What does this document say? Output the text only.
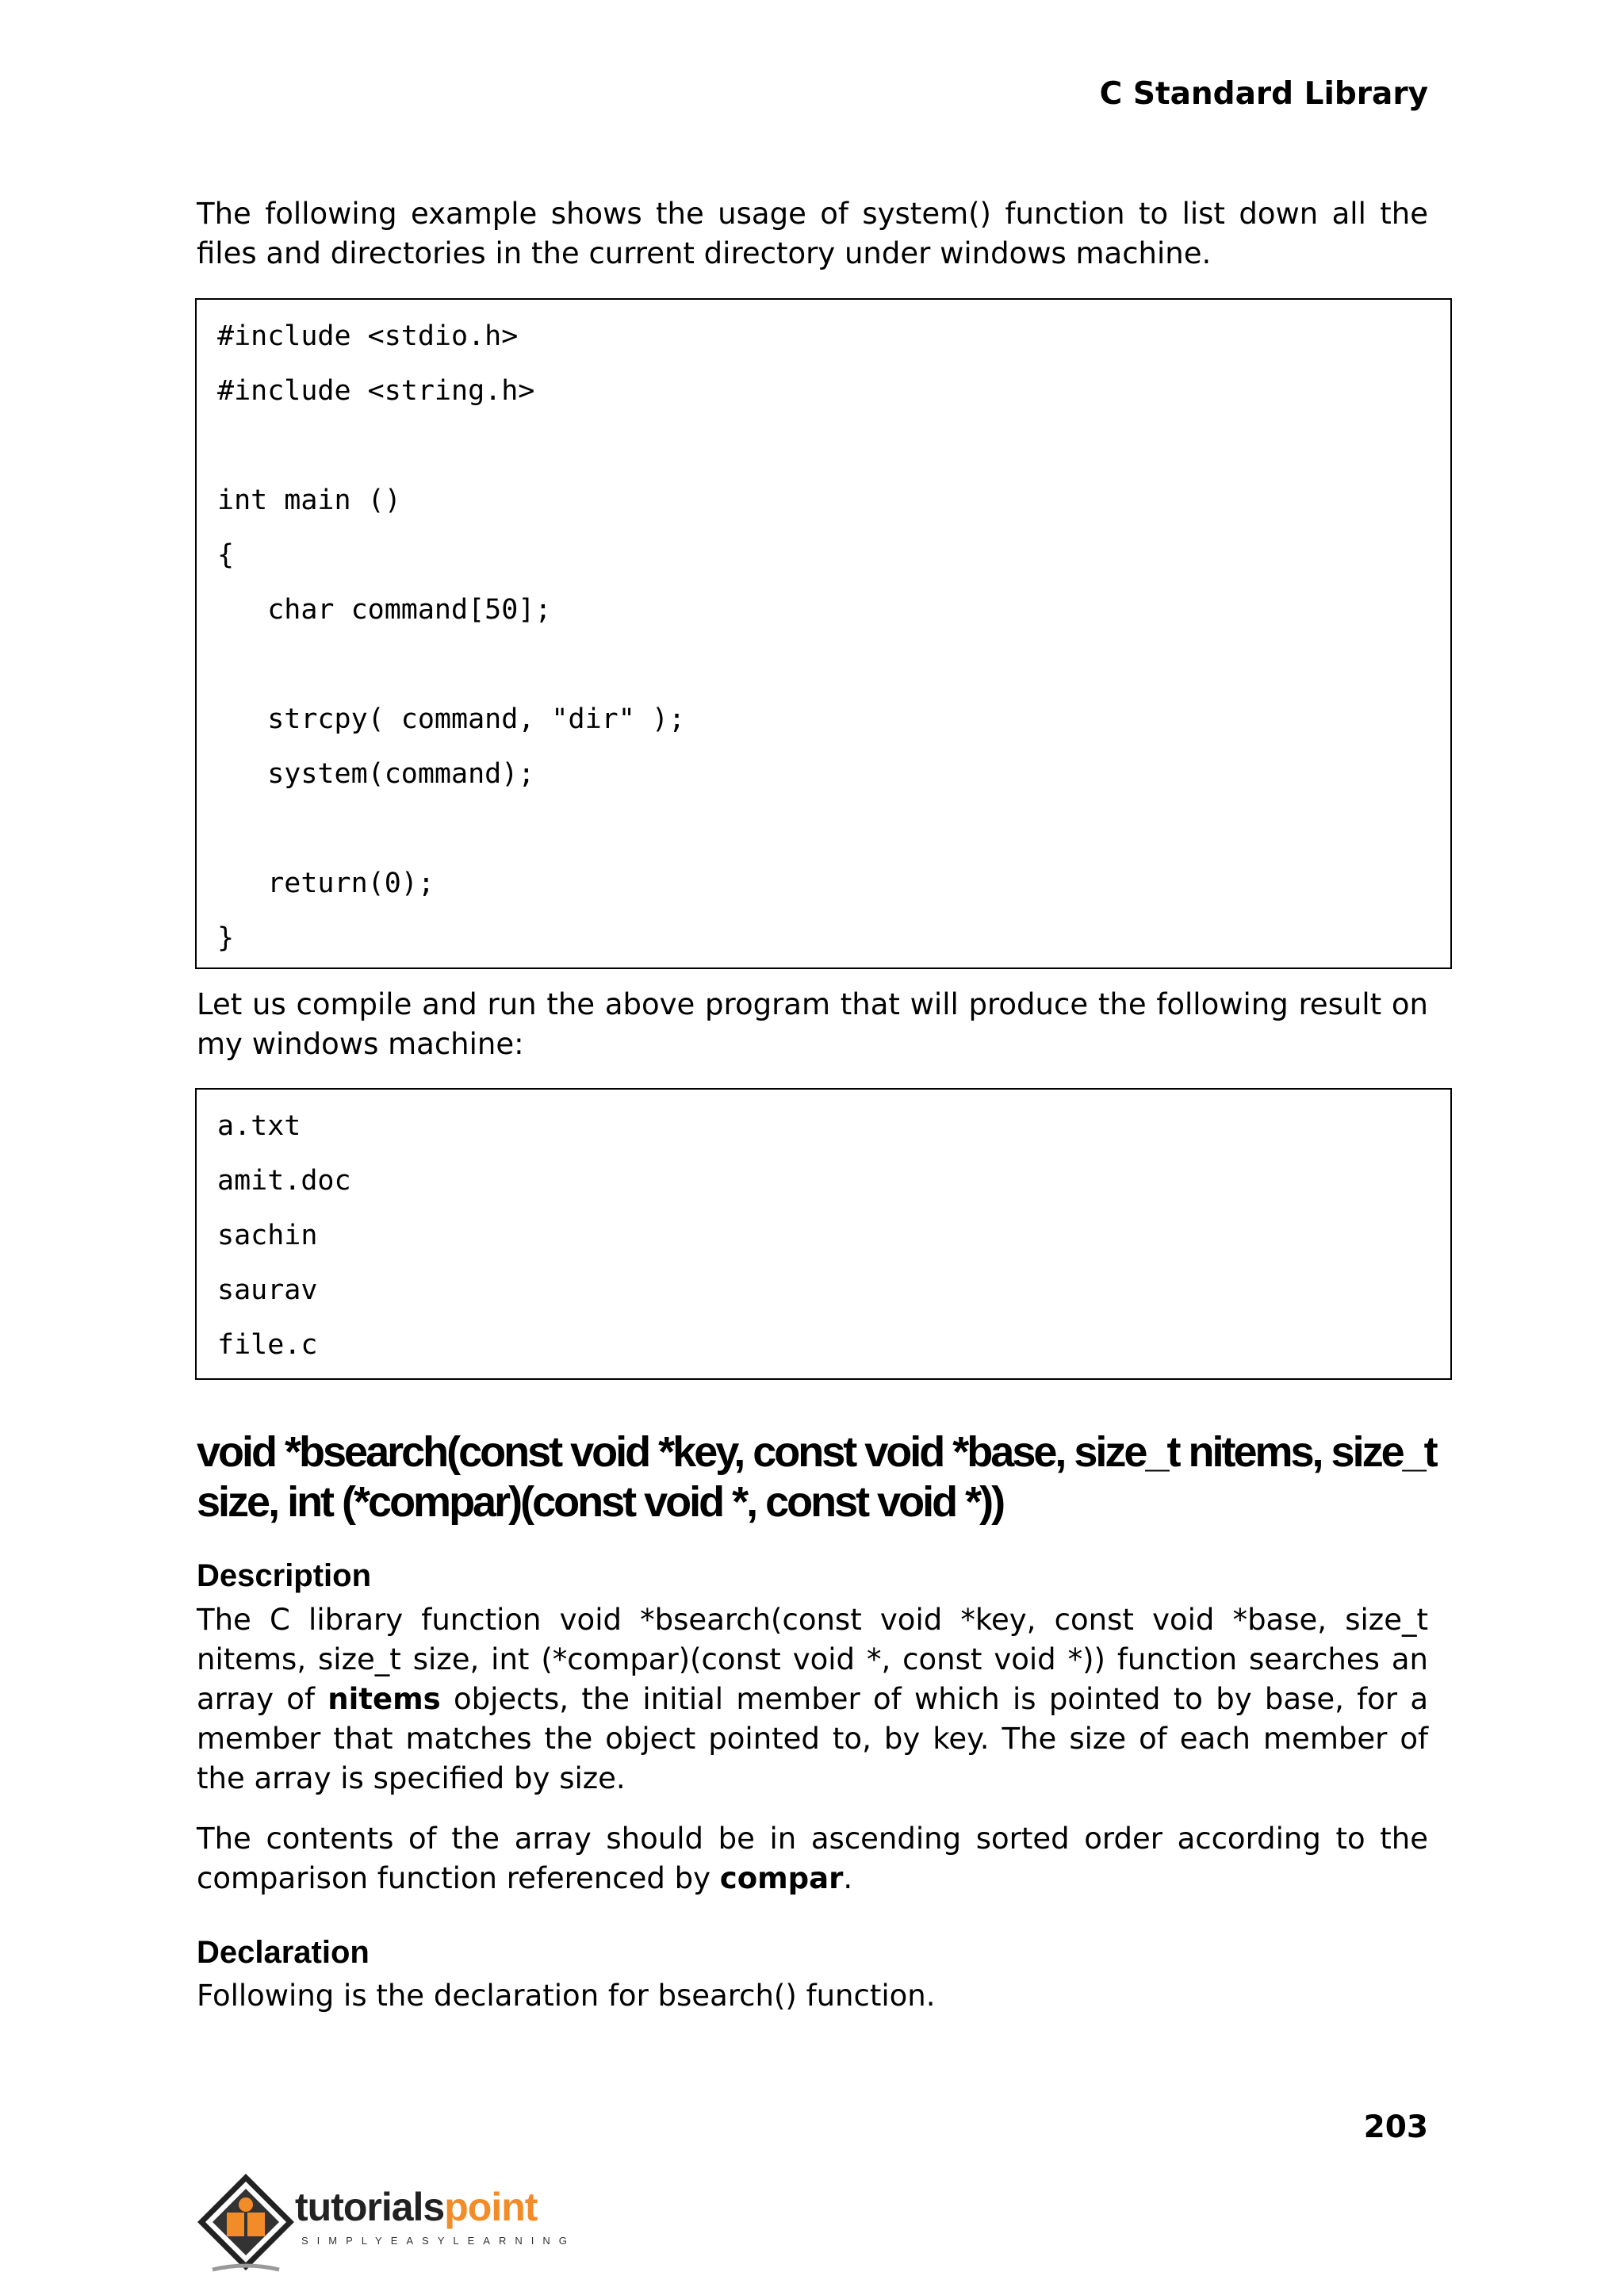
C Standard Library

The following example shows the usage of system() function to list down all the files and directories in the current directory under windows machine.

#include <stdio.h>
#include <string.h>
int main ()
{
char command[50];
strcpy( command, "dir" );
system(command);
return(0);
}

Let us compile and run the above program that will produce the following result on my windows machine:

a.txt
amit.doc
sachin
saurav
file.c
void *bsearch(const void *key, const void *base, size_t nitems, size_t size, int (*compar)(const void *, const void *))
Description

The C library function void *bsearch(const void *key, const void *base, size_t nitems, size_t size, int (*compar)(const void *, const void *)) function searches an array of nitems objects, the initial member of which is pointed to by base, for a member that matches the object pointed to, by key. The size of each member of the array is specified by size.

The contents of the array should be in ascending sorted order according to the comparison function referenced by compar.

Declaration

Following is the declaration for bsearch() function.

203
tutorialspoint
SIMPLYEASYLEARNING
